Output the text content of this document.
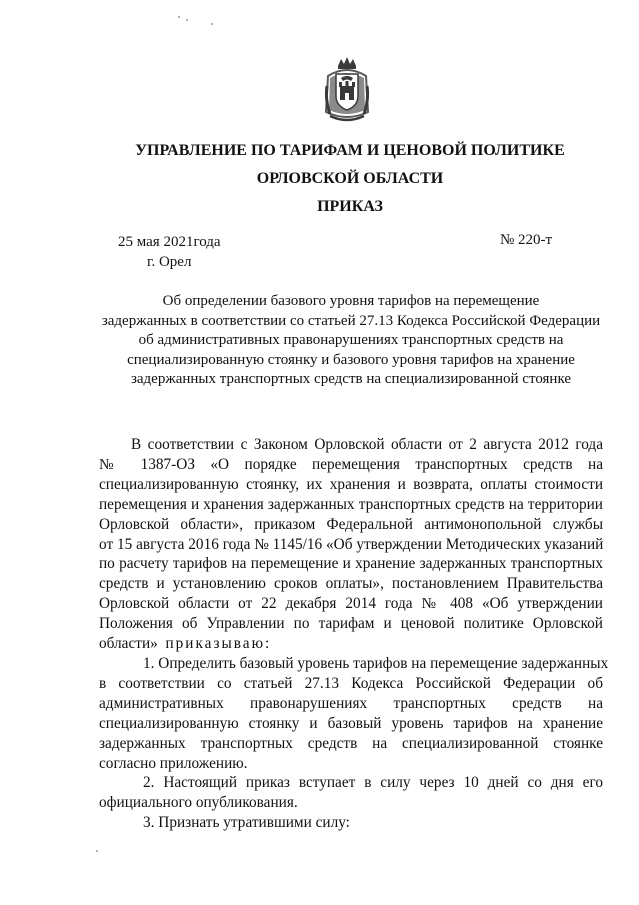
УПРАВЛЕНИЕ ПО ТАРИФАМ И ЦЕНОВОЙ ПОЛИТИКЕ
ОРЛОВСКОЙ ОБЛАСТИ
ПРИКАЗ
25 мая 2021года
г. Орел
№ 220-т
Об определении базового уровня тарифов на перемещение
задержанных в соответствии со статьей 27.13 Кодекса Российской Федерации
об административных правонарушениях транспортных средств на
специализированную стоянку и базового уровня тарифов на хранение
задержанных транспортных средств на специализированной стоянке
В соответствии с Законом Орловской области от 2 августа 2012 года
№ 1387-ОЗ «О порядке перемещения транспортных средств на
специализированную стоянку, их хранения и возврата, оплаты стоимости
перемещения и хранения задержанных транспортных средств на территории
Орловской области», приказом Федеральной антимонопольной службы
от 15 августа 2016 года № 1145/16 «Об утверждении Методических указаний
по расчету тарифов на перемещение и хранение задержанных транспортных
средств и установлению сроков оплаты», постановлением Правительства
Орловской области от 22 декабря 2014 года № 408 «Об утверждении
Положения об Управлении по тарифам и ценовой политике Орловской
области» приказываю:
1. Определить базовый уровень тарифов на перемещение задержанных
в соответствии со статьей 27.13 Кодекса Российской Федерации об
административных правонарушениях транспортных средств на
специализированную стоянку и базовый уровень тарифов на хранение
задержанных транспортных средств на специализированной стоянке
согласно приложению.
2. Настоящий приказ вступает в силу через 10 дней со дня его
официального опубликования.
3. Признать утратившими силу:
